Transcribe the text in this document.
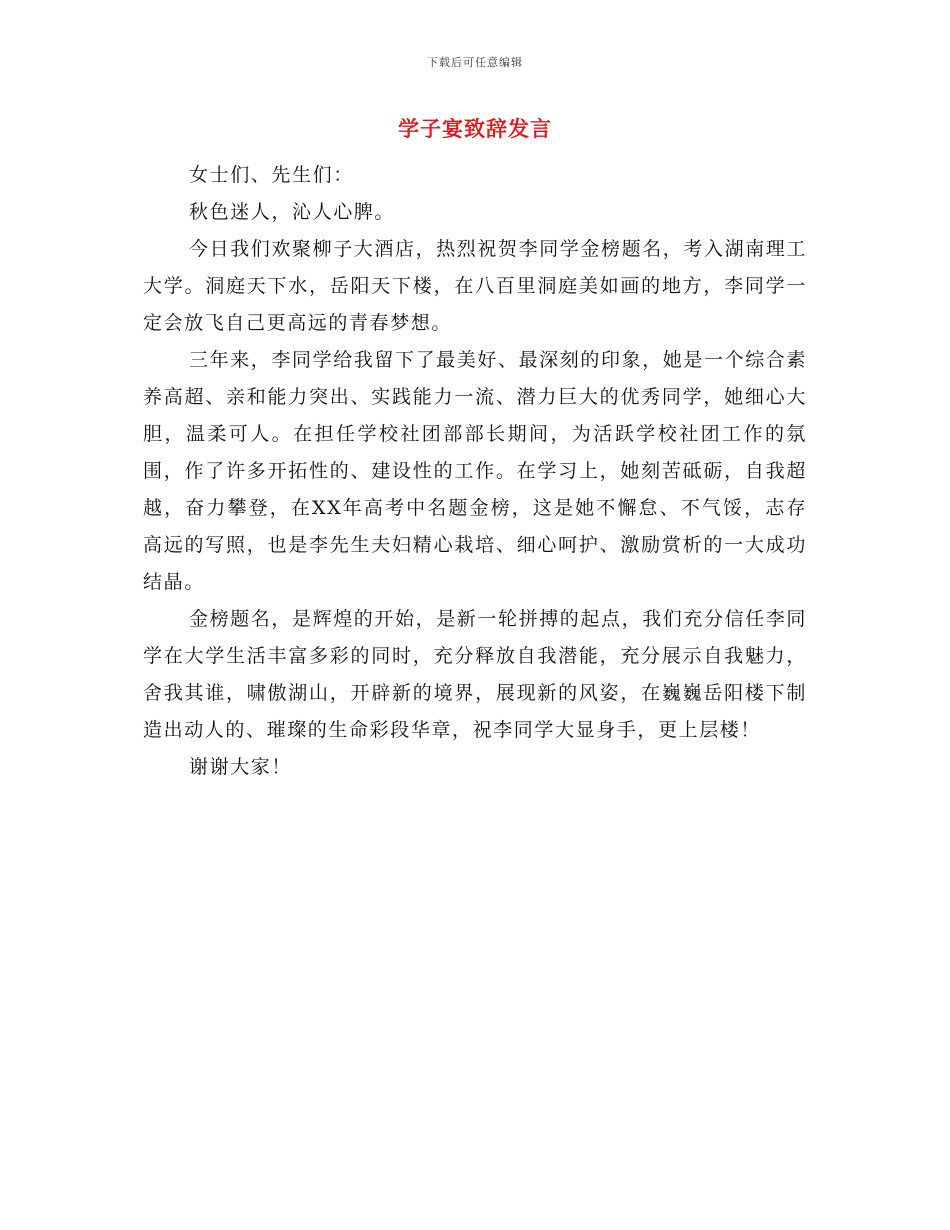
下载后可任意编辑
学子宴致辞发言

女士们、先生们：

秋色迷人，沁人心脾。

今日我们欢聚柳子大酒店，热烈祝贺李同学金榜题名，考入湖南理工大学。洞庭天下水，岳阳天下楼，在八百里洞庭美如画的地方，李同学一定会放飞自己更高远的青春梦想。

三年来，李同学给我留下了最美好、最深刻的印象，她是一个综合素养高超、亲和能力突出、实践能力一流、潜力巨大的优秀同学，她细心大胆，温柔可人。在担任学校社团部部长期间，为活跃学校社团工作的氛围，作了许多开拓性的、建设性的工作。在学习上，她刻苦砥砺，自我超越，奋力攀登，在XX年高考中名题金榜，这是她不懈怠、不气馁，志存高远的写照，也是李先生夫妇精心栽培、细心呵护、激励赏析的一大成功结晶。

金榜题名，是辉煌的开始，是新一轮拼搏的起点，我们充分信任李同学在大学生活丰富多彩的同时，充分释放自我潜能，充分展示自我魅力，舍我其谁，啸傲湖山，开辟新的境界，展现新的风姿，在巍巍岳阳楼下制造出动人的、璀璨的生命彩段华章，祝李同学大显身手，更上层楼！

谢谢大家！
